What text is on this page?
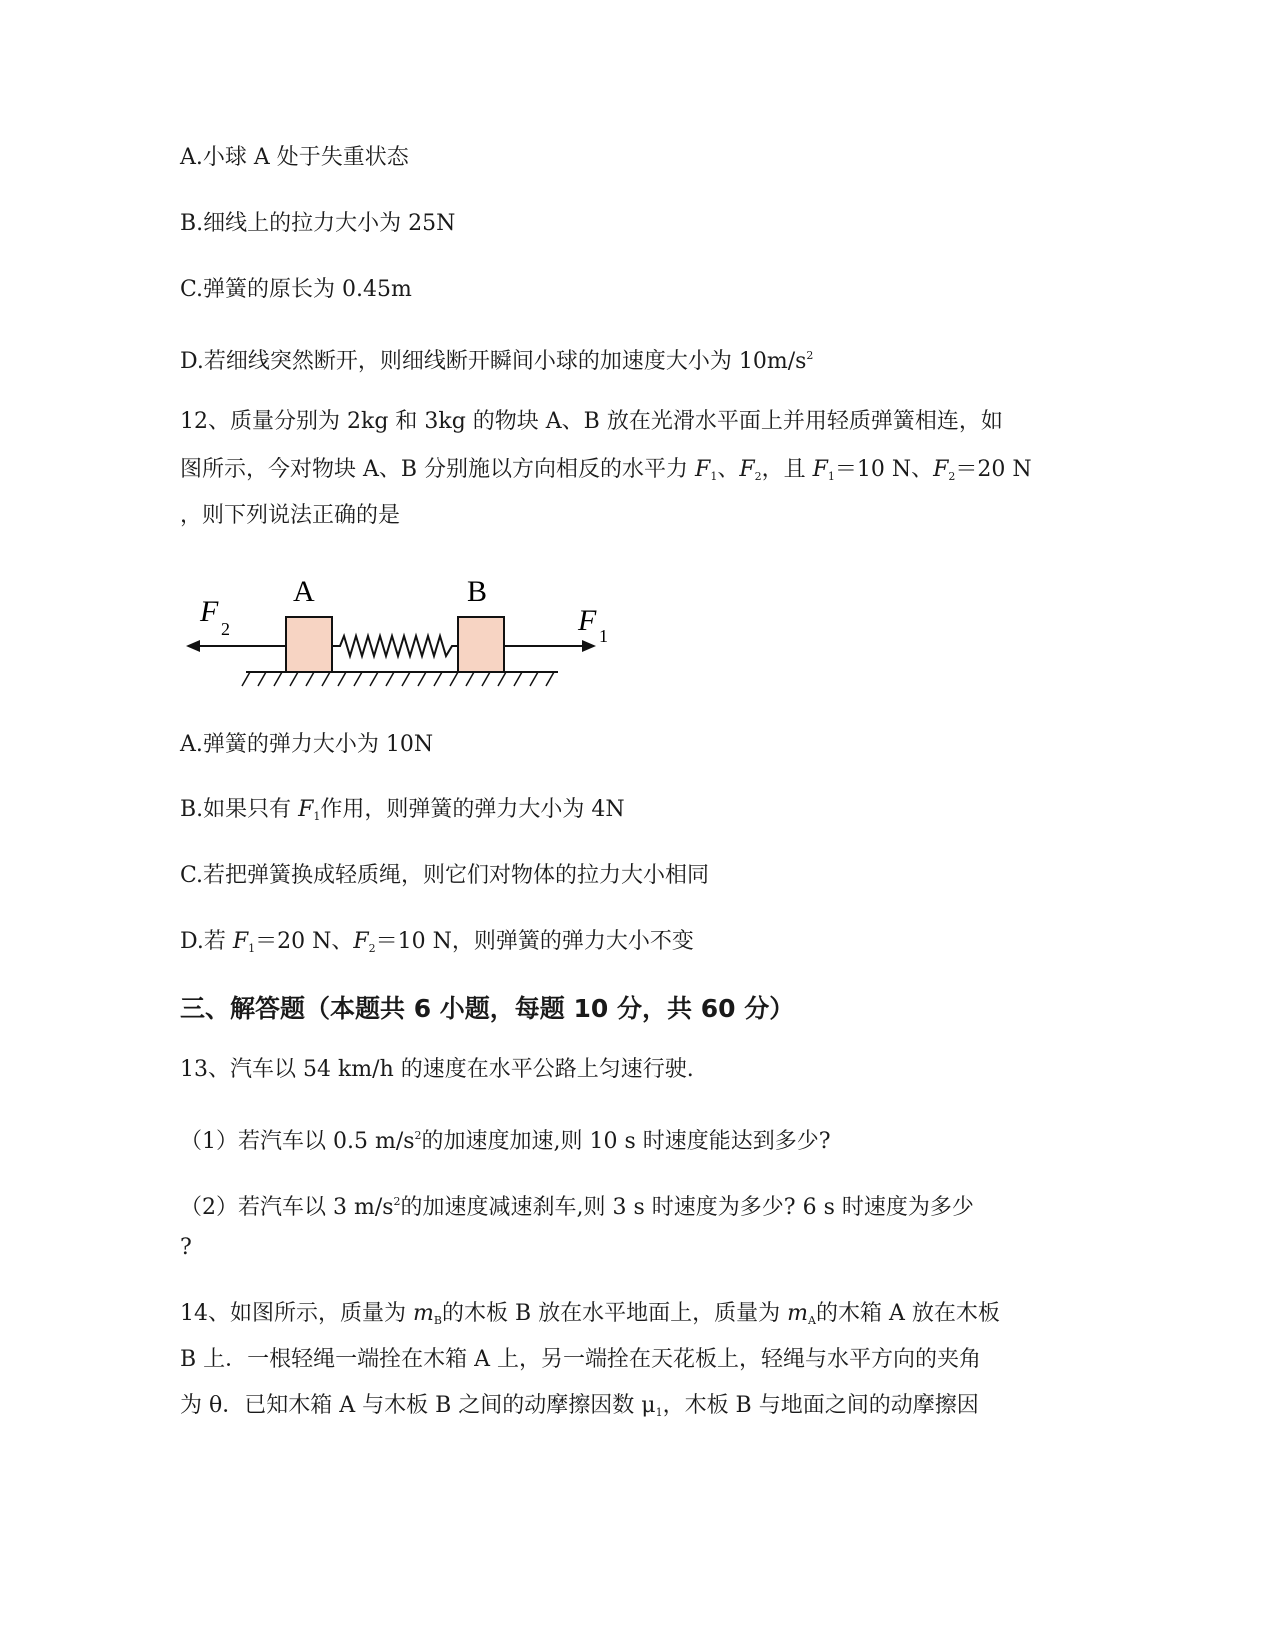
A.小球 A 处于失重状态
B.细线上的拉力大小为 25N
C.弹簧的原长为 0.45m
D.若细线突然断开，则细线断开瞬间小球的加速度大小为 $10m/s^2$
12、质量分别为 2kg 和 3kg 的物块 A、B 放在光滑水平面上并用轻质弹簧相连，如
图所示，今对物块 A、B 分别施以方向相反的水平力 $F_1$、$F_2$，且 $F_1=10$ N、$F_2=20$ N
，则下列说法正确的是
A	B
F
2	F 1
A.弹簧的弹力大小为 10N
B.如果只有 $F_1$作用，则弹簧的弹力大小为 4N
C.若把弹簧换成轻质绳，则它们对物体的拉力大小相同
D.若 $F_1=20$ N、$F_2=10$ N，则弹簧的弹力大小不变
三、解答题（本题共 6 小题，每题 10 分，共 60 分）
13、汽车以 54 km/h 的速度在水平公路上匀速行驶.
（1）若汽车以 0.5 $m/s^2$的加速度加速,则 10 s 时速度能达到多少?
（2）若汽车以 3 $m/s^2$的加速度减速刹车,则 3 s 时速度为多少? 6 s 时速度为多少
?
14、如图所示，质量为 $m_B$的木板 B 放在水平地面上，质量为 $m_A$的木箱 A 放在木板
B 上．一根轻绳一端拴在木箱 A 上，另一端拴在天花板上，轻绳与水平方向的夹角
为 θ．已知木箱 A 与木板 B 之间的动摩擦因数 $\mu_1$，木板 B 与地面之间的动摩擦因
